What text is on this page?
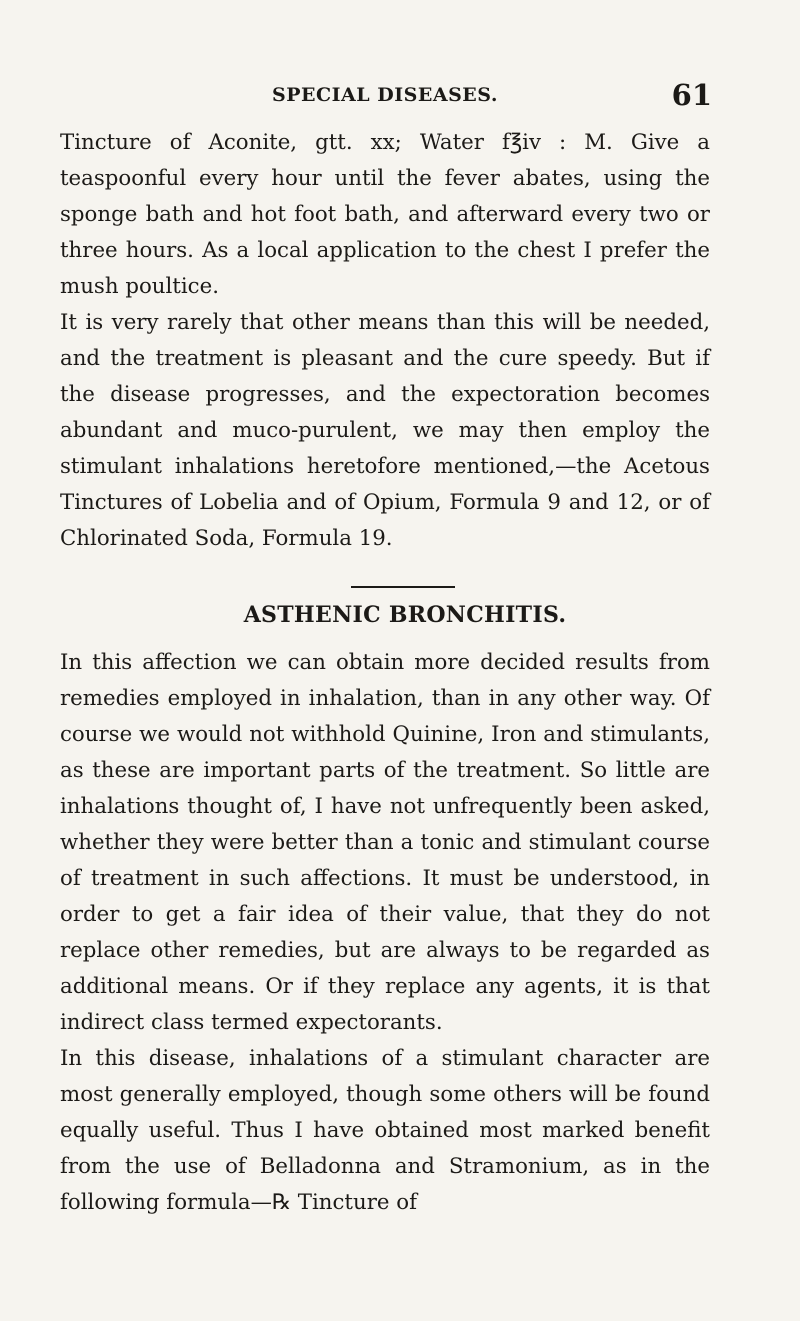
SPECIAL DISEASES.	61

Tincture of Aconite, gtt. xx; Water f℥iv : M. Give a teaspoonful every hour until the fever abates, using the sponge bath and hot foot bath, and afterward every two or three hours. As a local application to the chest I prefer the mush poultice.

It is very rarely that other means than this will be needed, and the treatment is pleasant and the cure speedy. But if the disease progresses, and the expectoration becomes abundant and muco-purulent, we may then employ the stimulant inhalations heretofore mentioned,—the Acetous Tinctures of Lobelia and of Opium, Formula 9 and 12, or of Chlorinated Soda, Formula 19.

ASTHENIC BRONCHITIS.

In this affection we can obtain more decided results from remedies employed in inhalation, than in any other way. Of course we would not withhold Quinine, Iron and stimulants, as these are important parts of the treatment. So little are inhalations thought of, I have not unfrequently been asked, whether they were better than a tonic and stimulant course of treatment in such affections. It must be understood, in order to get a fair idea of their value, that they do not replace other remedies, but are always to be regarded as additional means. Or if they replace any agents, it is that indirect class termed expectorants.

In this disease, inhalations of a stimulant character are most generally employed, though some others will be found equally useful. Thus I have obtained most marked benefit from the use of Belladonna and Stramonium, as in the following formula—℞ Tincture of
